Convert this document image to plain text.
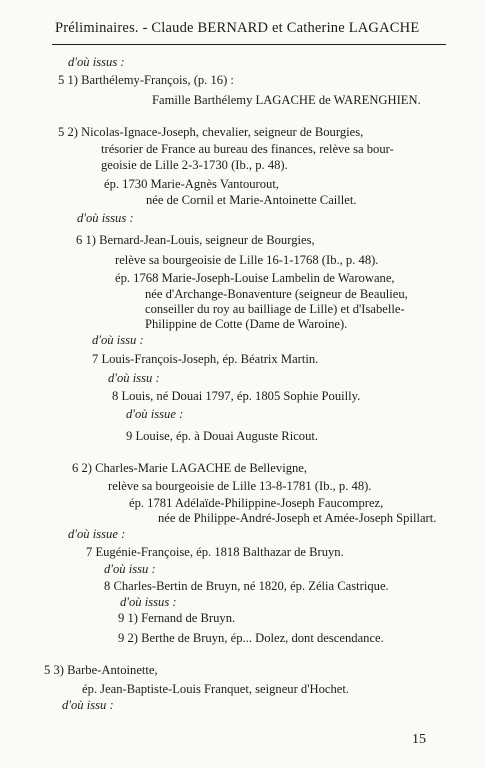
Préliminaires. - Claude BERNARD et Catherine LAGACHE
d'où issus :
5 1) Barthélemy-François, (p. 16) :
Famille Barthélemy LAGACHE de WARENGHIEN.
5 2) Nicolas-Ignace-Joseph, chevalier, seigneur de Bourgies,
trésorier de France au bureau des finances, relève sa bour-
geoisie de Lille 2-3-1730 (Ib., p. 48).
ép. 1730 Marie-Agnès Vantourout,
née de Cornil et Marie-Antoinette Caillet.
d'où issus :
6 1) Bernard-Jean-Louis, seigneur de Bourgies,
relève sa bourgeoisie de Lille 16-1-1768 (Ib., p. 48).
ép. 1768 Marie-Joseph-Louise Lambelin de Warowane,
née d'Archange-Bonaventure (seigneur de Beaulieu,
conseiller du roy au bailliage de Lille) et d'Isabelle-
Philippine de Cotte (Dame de Waroine).
d'où issu :
7 Louis-François-Joseph, ép. Béatrix Martin.
d'où issu :
8 Louis, né Douai 1797, ép. 1805 Sophie Pouilly.
d'où issue :
9 Louise, ép. à Douai Auguste Ricout.
6 2) Charles-Marie LAGACHE de Bellevigne,
relève sa bourgeoisie de Lille 13-8-1781 (Ib., p. 48).
ép. 1781 Adélaïde-Philippine-Joseph Faucomprez,
née de Philippe-André-Joseph et Amée-Joseph Spillart.
d'où issue :
7 Eugénie-Françoise, ép. 1818 Balthazar de Bruyn.
d'où issu :
8 Charles-Bertin de Bruyn, né 1820, ép. Zélia Castrique.
d'où issus :
9 1) Fernand de Bruyn.
9 2) Berthe de Bruyn, ép... Dolez, dont descendance.
5 3) Barbe-Antoinette,
ép. Jean-Baptiste-Louis Franquet, seigneur d'Hochet.
d'où issu :
15
